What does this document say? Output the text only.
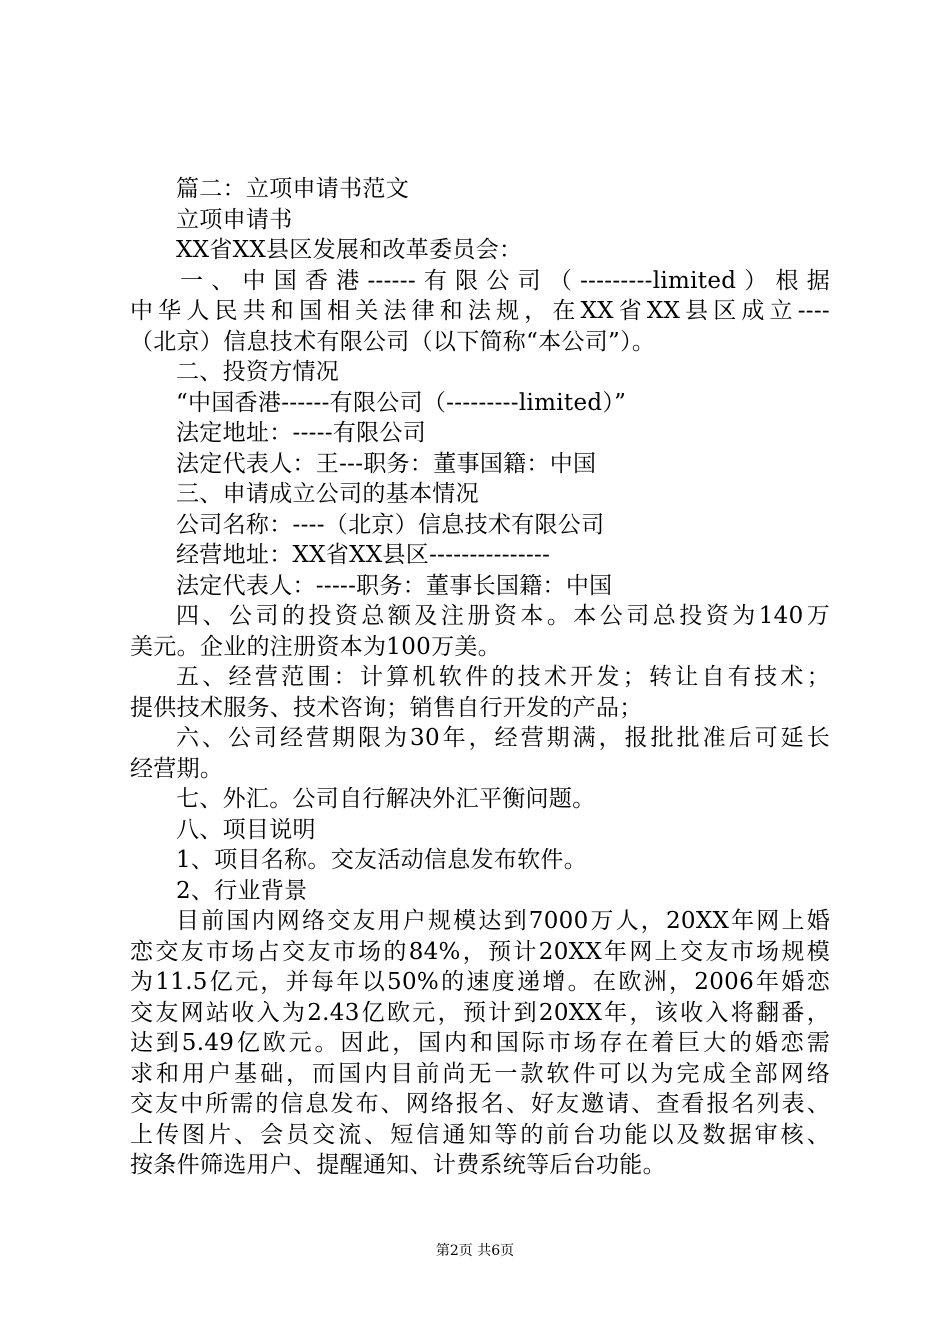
篇二：立项申请书范文
立项申请书
XX省XX县区发展和改革委员会：
一、中国香港------有限公司（---------limited）根据
中华人民共和国相关法律和法规，在XX省XX县区成立----
（北京）信息技术有限公司（以下简称“本公司”）。
二、投资方情况
“中国香港------有限公司（---------limited）”
法定地址：-----有限公司
法定代表人：王---职务：董事国籍：中国
三、申请成立公司的基本情况
公司名称：----（北京）信息技术有限公司
经营地址：XX省XX县区---------------
法定代表人：-----职务：董事长国籍：中国
四、公司的投资总额及注册资本。本公司总投资为140万
美元。企业的注册资本为100万美。
五、经营范围：计算机软件的技术开发；转让自有技术；
提供技术服务、技术咨询；销售自行开发的产品；
六、公司经营期限为30年，经营期满，报批批准后可延长
经营期。
七、外汇。公司自行解决外汇平衡问题。
八、项目说明
1、项目名称。交友活动信息发布软件。
2、行业背景
目前国内网络交友用户规模达到7000万人，20XX年网上婚
恋交友市场占交友市场的84%，预计20XX年网上交友市场规模
为11.5亿元，并每年以50%的速度递增。在欧洲，2006年婚恋
交友网站收入为2.43亿欧元，预计到20XX年，该收入将翻番，
达到5.49亿欧元。因此，国内和国际市场存在着巨大的婚恋需
求和用户基础，而国内目前尚无一款软件可以为完成全部网络
交友中所需的信息发布、网络报名、好友邀请、查看报名列表、
上传图片、会员交流、短信通知等的前台功能以及数据审核、
按条件筛选用户、提醒通知、计费系统等后台功能。
第2页 共6页
